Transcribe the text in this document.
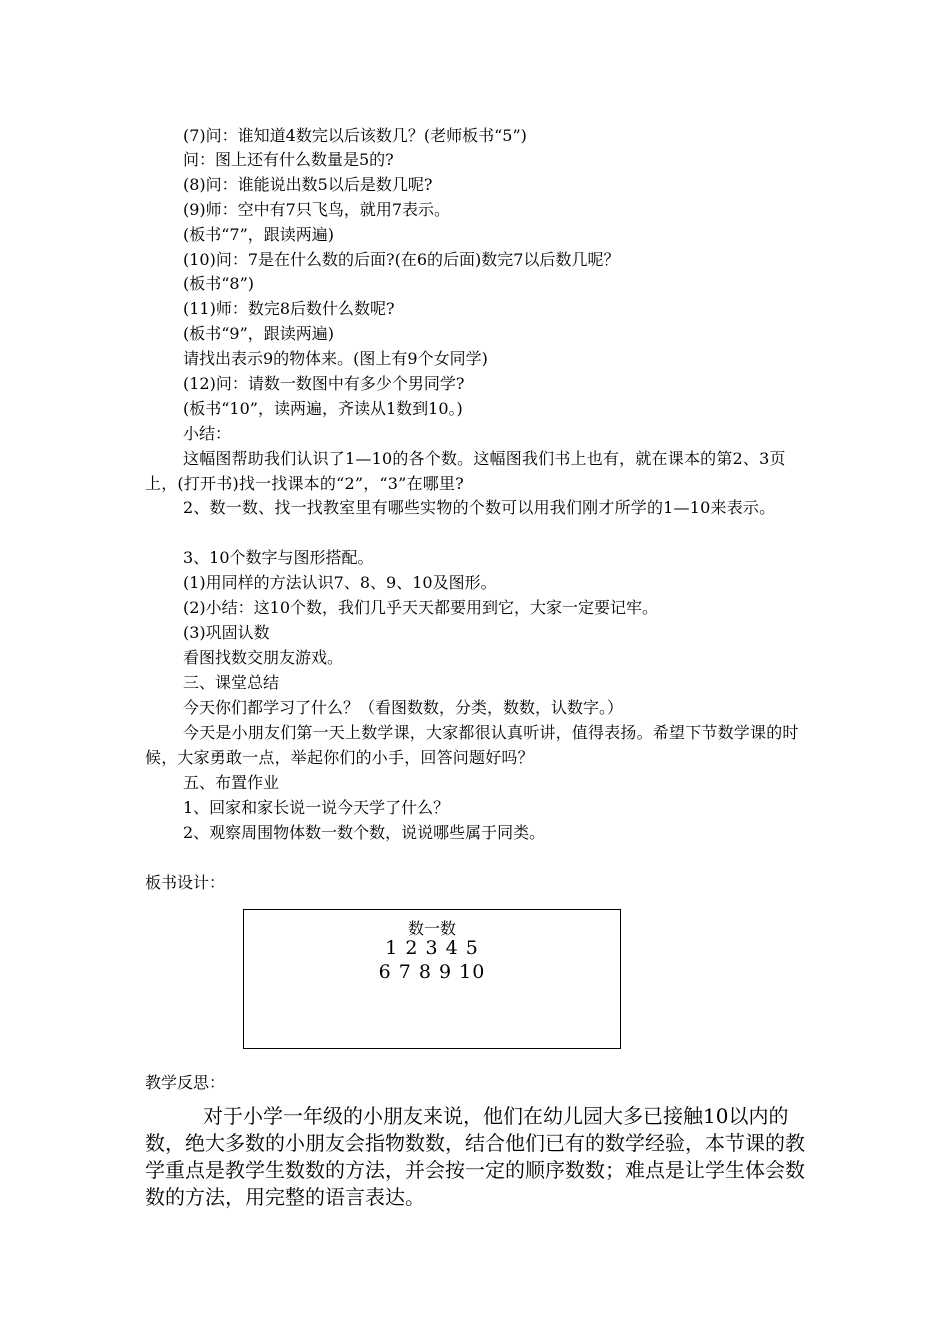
(7)问：谁知道4数完以后该数几？(老师板书“5”)
问：图上还有什么数量是5的?
(8)问：谁能说出数5以后是数几呢?
(9)师：空中有7只飞鸟，就用7表示。
(板书“7”，跟读两遍)
(10)问：7是在什么数的后面?(在6的后面)数完7以后数几呢？
(板书“8”)
(11)师：数完8后数什么数呢?
(板书“9”，跟读两遍)
请找出表示9的物体来。(图上有9个女同学)
(12)问：请数一数图中有多少个男同学?
(板书“10”，读两遍，齐读从1数到10。)
小结：
这幅图帮助我们认识了1—10的各个数。这幅图我们书上也有，就在课本的第2、3页上，(打开书)找一找课本的“2”，“3”在哪里?
2、数一数、找一找教室里有哪些实物的个数可以用我们刚才所学的1—10来表示。
3、10个数字与图形搭配。
(1)用同样的方法认识7、8、9、10及图形。
(2)小结：这10个数，我们几乎天天都要用到它，大家一定要记牢。
(3)巩固认数
看图找数交朋友游戏。
三、课堂总结
今天你们都学习了什么？（看图数数，分类，数数，认数字。）
今天是小朋友们第一天上数学课，大家都很认真听讲，值得表扬。希望下节数学课的时候，大家勇敢一点，举起你们的小手，回答问题好吗？
五、布置作业
1、回家和家长说一说今天学了什么？
2、观察周围物体数一数个数，说说哪些属于同类。
板书设计：
数一数
1 2 3 4 5
6 7 8 9 10
教学反思：
对于小学一年级的小朋友来说，他们在幼儿园大多已接触10以内的数，绝大多数的小朋友会指物数数，结合他们已有的数学经验，本节课的教学重点是教学生数数的方法，并会按一定的顺序数数；难点是让学生体会数数的方法，用完整的语言表达。
